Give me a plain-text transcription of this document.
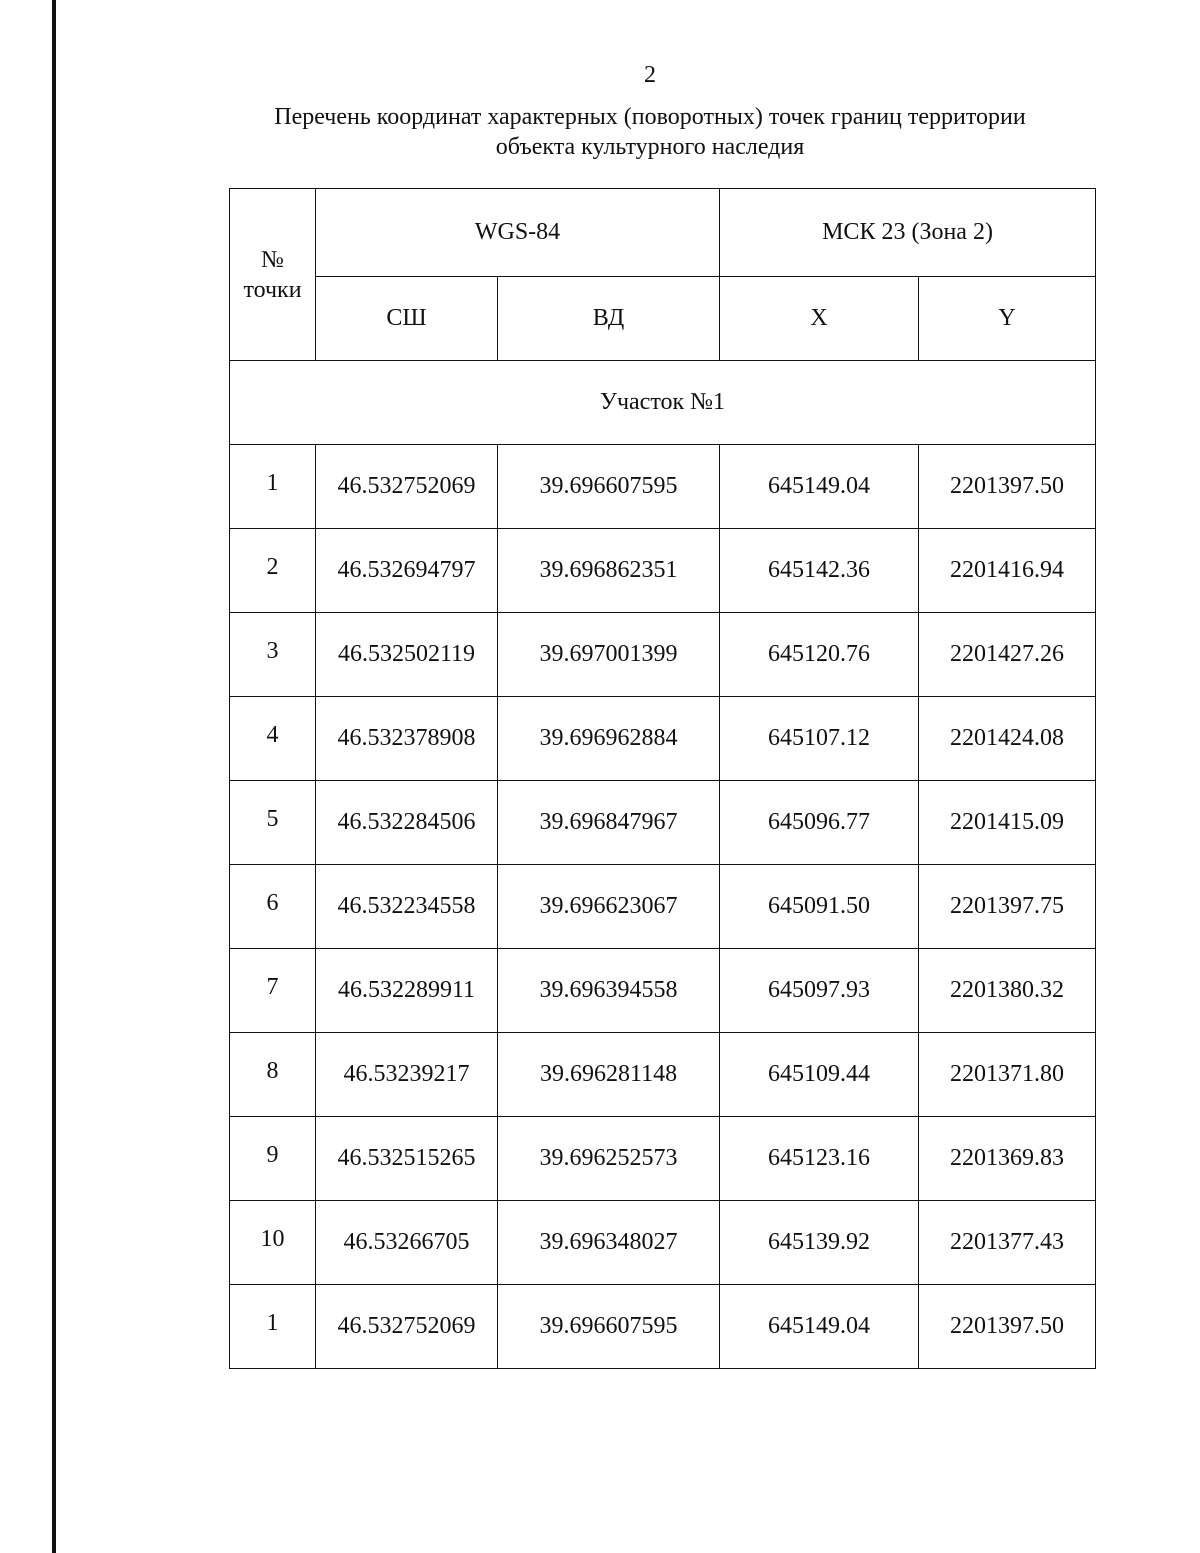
2
Перечень координат характерных (поворотных) точек границ территории
объекта культурного наследия
№
точки	WGS-84		МСК 23 (Зона 2)	
	СШ	ВД	X	Y
Участок №1				
1	46.532752069	39.696607595	645149.04	2201397.50
2	46.532694797	39.696862351	645142.36	2201416.94
3	46.532502119	39.697001399	645120.76	2201427.26
4	46.532378908	39.696962884	645107.12	2201424.08
5	46.532284506	39.696847967	645096.77	2201415.09
6	46.532234558	39.696623067	645091.50	2201397.75
7	46.532289911	39.696394558	645097.93	2201380.32
8	46.53239217	39.696281148	645109.44	2201371.80
9	46.532515265	39.696252573	645123.16	2201369.83
10	46.53266705	39.696348027	645139.92	2201377.43
1	46.532752069	39.696607595	645149.04	2201397.50
